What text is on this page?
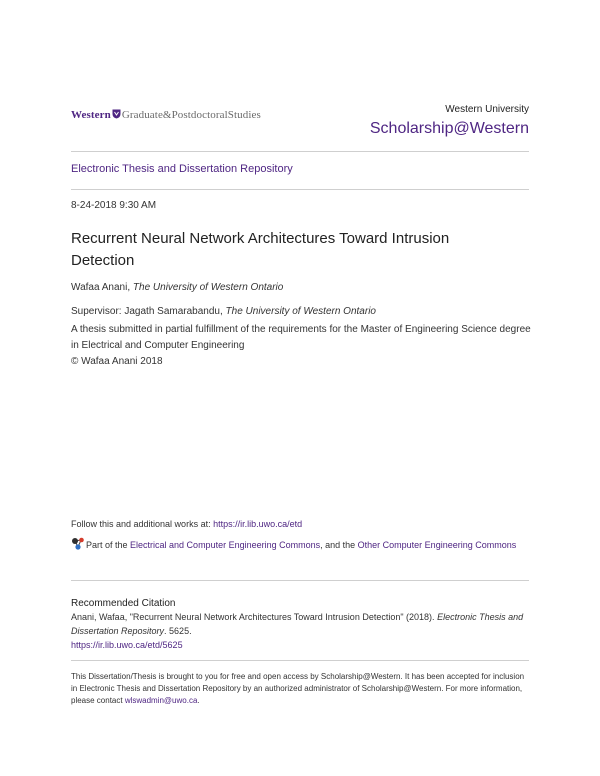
Western Graduate&PostdoctoralStudies	Western University
Scholarship@Western
Electronic Thesis and Dissertation Repository
8-24-2018 9:30 AM
Recurrent Neural Network Architectures Toward Intrusion Detection
Wafaa Anani, The University of Western Ontario
Supervisor: Jagath Samarabandu, The University of Western Ontario
A thesis submitted in partial fulfillment of the requirements for the Master of Engineering Science degree in Electrical and Computer Engineering
© Wafaa Anani 2018
Follow this and additional works at: https://ir.lib.uwo.ca/etd
Part of the Electrical and Computer Engineering Commons, and the Other Computer Engineering Commons
Recommended Citation
Anani, Wafaa, "Recurrent Neural Network Architectures Toward Intrusion Detection" (2018). Electronic Thesis and Dissertation Repository. 5625.
https://ir.lib.uwo.ca/etd/5625
This Dissertation/Thesis is brought to you for free and open access by Scholarship@Western. It has been accepted for inclusion in Electronic Thesis and Dissertation Repository by an authorized administrator of Scholarship@Western. For more information, please contact wlswadmin@uwo.ca.
